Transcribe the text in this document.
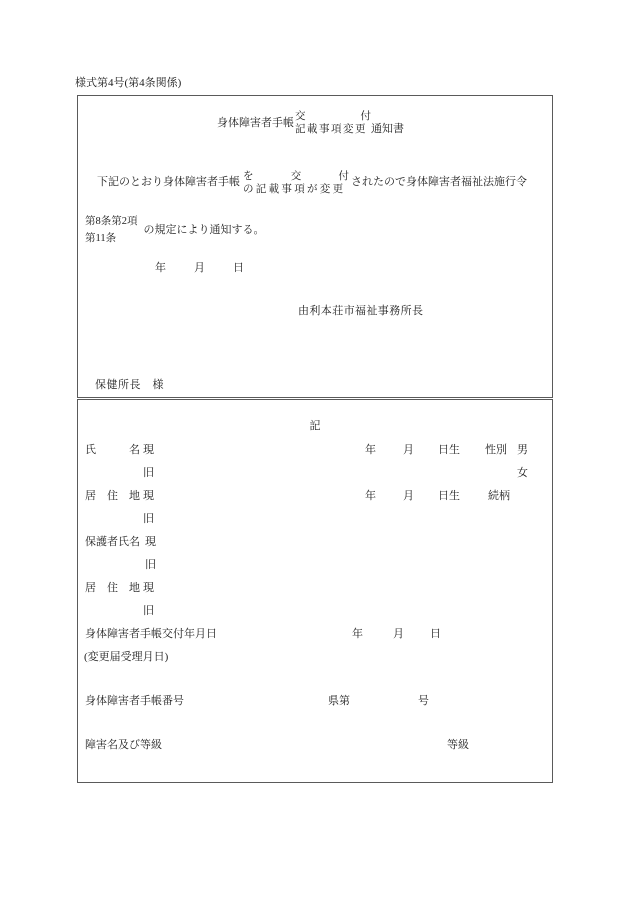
様式第4号(第4条関係)
身体障害者手帳 交	付
記載事項変更 通知書
下記のとおり身体障害者手帳 を	交	付
の記載事項が変更
されたので身体障害者福祉法施行令
第8条第2項
第11条
の規定により通知する。
年　　月　　日
由利本荘市福祉事務所長
保健所長　様
記
氏　名 現	年 月 日生 性別 男
旧	女
居　住　地 現	年 月 日生	続柄
旧
保護者氏名 現
旧
居　住　地 現
旧
身体障害者手帳交付年月日	年	月 日
(変更届受理月日)
身体障害者手帳番号	県第	号
障害名及び等級	等級
